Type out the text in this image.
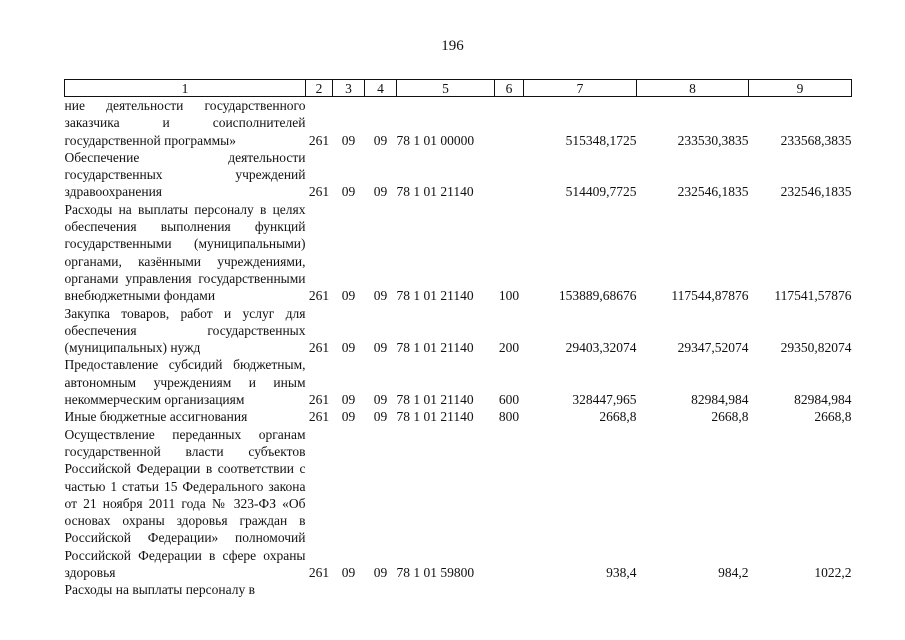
196
1	2	3	4	5	6	7	8	9
ние деятельности государственного заказчика и соисполнителей государственной программы»	261	09	09	78 1 01 00000		515348,1725	233530,3835	233568,3835
Обеспечение деятельности государственных учреждений здравоохранения	261	09	09	78 1 01 21140		514409,7725	232546,1835	232546,1835
Расходы на выплаты персоналу в целях обеспечения выполнения функций государственными (муниципальными) органами, казёнными учреждениями, органами управления государственными внебюджетными фондами	261	09	09	78 1 01 21140	100	153889,68676	117544,87876	117541,57876
Закупка товаров, работ и услуг для обеспечения государственных (муниципальных) нужд	261	09	09	78 1 01 21140	200	29403,32074	29347,52074	29350,82074
Предоставление субсидий бюджетным, автономным учреждениям и иным некоммерческим организациям	261	09	09	78 1 01 21140	600	328447,965	82984,984	82984,984
Иные бюджетные ассигнования	261	09	09	78 1 01 21140	800	2668,8	2668,8	2668,8
Осуществление переданных органам государственной власти субъектов Российской Федерации в соответствии с частью 1 статьи 15 Федерального закона от 21 ноября 2011 года № 323-ФЗ «Об основах охраны здоровья граждан в Российской Федерации» полномочий Российской Федерации в сфере охраны здоровья	261	09	09	78 1 01 59800		938,4	984,2	1022,2
Расходы на выплаты персоналу в								
